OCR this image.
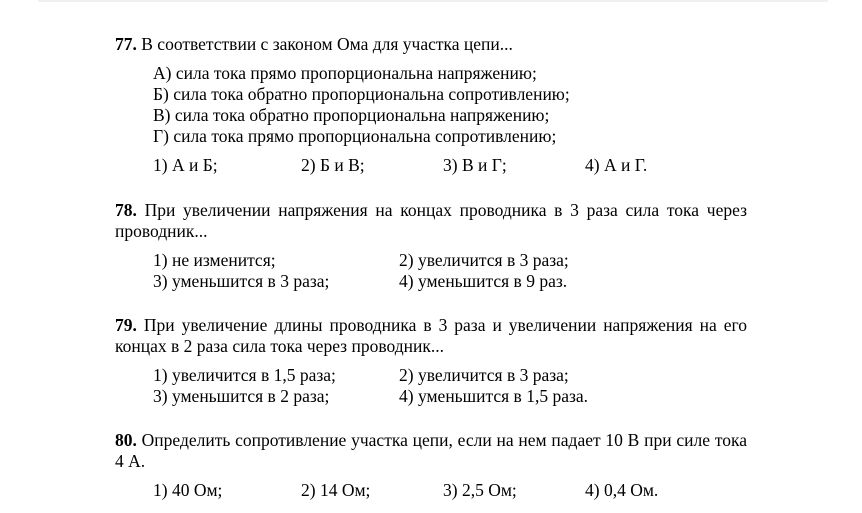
77. В соответствии с законом Ома для участка цепи...

А) сила тока прямо пропорциональна напряжению;
Б) сила тока обратно пропорциональна сопротивлению;
В) сила тока обратно пропорциональна напряжению;
Г) сила тока прямо пропорциональна сопротивлению;
1) А и Б;	2) Б и В;	3) В и Г;	4) А и Г.

78. При увеличении напряжения на концах проводника в 3 раза сила тока через проводник...

1) не изменится;	2) увеличится в 3 раза;
3) уменьшится в 3 раза;	4) уменьшится в 9 раз.

79. При увеличение длины проводника в 3 раза и увеличении напряжения на его концах в 2 раза сила тока через проводник...

1) увеличится в 1,5 раза;	2) увеличится в 3 раза;
3) уменьшится в 2 раза;	4) уменьшится в 1,5 раза.

80. Определить сопротивление участка цепи, если на нем падает 10 В при силе тока 4 А.

1) 40 Ом;	2) 14 Ом;	3) 2,5 Ом;	4) 0,4 Ом.
